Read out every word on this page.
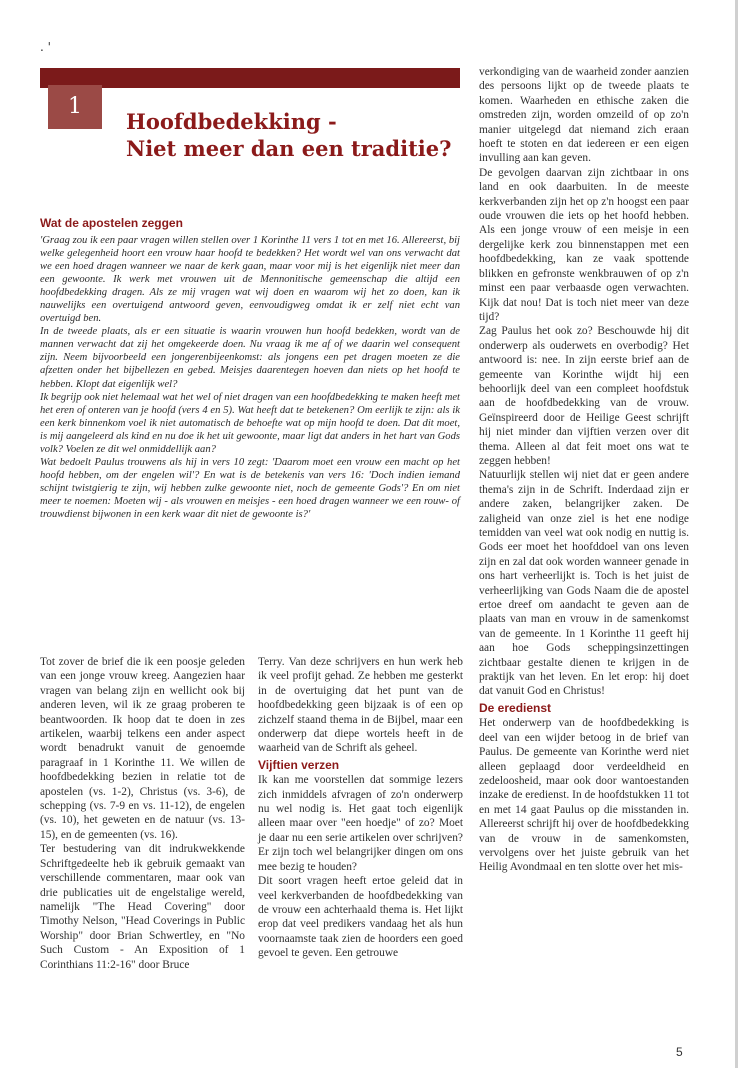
. '
1
Hoofdbedekking -
Niet meer dan een traditie?
Wat de apostelen zeggen

'Graag zou ik een paar vragen willen stellen over 1 Korinthe 11 vers 1 tot en met 16. Allereerst, bij welke gelegenheid hoort een vrouw haar hoofd te bedekken? Het wordt wel van ons verwacht dat we een hoed dragen wanneer we naar de kerk gaan, maar voor mij is het eigenlijk niet meer dan een gewoonte. Ik werk met vrouwen uit de Mennonitische gemeenschap die altijd een hoofdbedekking dragen. Als ze mij vragen wat wij doen en waarom wij het zo doen, kan ik nauwelijks een overtuigend antwoord geven, eenvoudigweg omdat ik er zelf niet echt van overtuigd ben.

In de tweede plaats, als er een situatie is waarin vrouwen hun hoofd bedekken, wordt van de mannen verwacht dat zij het omgekeerde doen. Nu vraag ik me af of we daarin wel consequent zijn. Neem bijvoorbeeld een jongerenbijeenkomst: als jongens een pet dragen moeten ze die afzetten onder het bijbellezen en gebed. Meisjes daarentegen hoeven dan niets op het hoofd te hebben. Klopt dat eigenlijk wel?

Ik begrijp ook niet helemaal wat het wel of niet dragen van een hoofdbedekking te maken heeft met het eren of onteren van je hoofd (vers 4 en 5). Wat heeft dat te betekenen? Om eerlijk te zijn: als ik een kerk binnenkom voel ik niet automatisch de behoefte wat op mijn hoofd te doen. Dat dit moet, is mij aangeleerd als kind en nu doe ik het uit gewoonte, maar ligt dat anders in het hart van Gods volk? Voelen ze dit wel onmiddellijk aan?

Wat bedoelt Paulus trouwens als hij in vers 10 zegt: 'Daarom moet een vrouw een macht op het hoofd hebben, om der engelen wil'? En wat is de betekenis van vers 16: 'Doch indien iemand schijnt twistgierig te zijn, wij hebben zulke gewoonte niet, noch de gemeente Gods'? En om niet meer te noemen: Moeten wij - als vrouwen en meisjes - een hoed dragen wanneer we een rouw- of trouwdienst bijwonen in een kerk waar dit niet de gewoonte is?'

Tot zover de brief die ik een poosje geleden van een jonge vrouw kreeg. Aangezien haar vragen van belang zijn en wellicht ook bij anderen leven, wil ik ze graag proberen te beantwoorden. Ik hoop dat te doen in zes artikelen, waarbij telkens een ander aspect wordt benadrukt vanuit de genoemde paragraaf in 1 Korinthe 11. We willen de hoofdbedekking bezien in relatie tot de apostelen (vs. 1-2), Christus (vs. 3-6), de schepping (vs. 7-9 en vs. 11-12), de engelen (vs. 10), het geweten en de natuur (vs. 13-15), en de gemeenten (vs. 16).

Ter bestudering van dit indrukwekkende Schriftgedeelte heb ik gebruik gemaakt van verschillende commentaren, maar ook van drie publicaties uit de engelstalige wereld, namelijk "The Head Covering" door Timothy Nelson, "Head Coverings in Public Worship" door Brian Schwertley, en "No Such Custom - An Exposition of 1 Corinthians 11:2-16" door Bruce

Terry. Van deze schrijvers en hun werk heb ik veel profijt gehad. Ze hebben me gesterkt in de overtuiging dat het punt van de hoofdbedekking geen bijzaak is of een op zichzelf staand thema in de Bijbel, maar een onderwerp dat diepe wortels heeft in de waarheid van de Schrift als geheel.

Vijftien verzen

Ik kan me voorstellen dat sommige lezers zich inmiddels afvragen of zo'n onderwerp nu wel nodig is. Het gaat toch eigenlijk alleen maar over "een hoedje" of zo? Moet je daar nu een serie artikelen over schrijven? Er zijn toch wel belangrijker dingen om ons mee bezig te houden?

Dit soort vragen heeft ertoe geleid dat in veel kerkverbanden de hoofdbedekking van de vrouw een achterhaald thema is. Het lijkt erop dat veel predikers vandaag het als hun voornaamste taak zien de hoorders een goed gevoel te geven. Een getrouwe

verkondiging van de waarheid zonder aanzien des persoons lijkt op de tweede plaats te komen. Waarheden en ethische zaken die omstreden zijn, worden omzeild of op zo'n manier uitgelegd dat niemand zich eraan hoeft te stoten en dat iedereen er een eigen invulling aan kan geven.

De gevolgen daarvan zijn zichtbaar in ons land en ook daarbuiten. In de meeste kerkverbanden zijn het op z'n hoogst een paar oude vrouwen die iets op het hoofd hebben. Als een jonge vrouw of een meisje in een dergelijke kerk zou binnenstappen met een hoofdbedekking, kan ze vaak spottende blikken en gefronste wenkbrauwen of op z'n minst een paar verbaasde ogen verwachten. Kijk dat nou! Dat is toch niet meer van deze tijd?

Zag Paulus het ook zo? Beschouwde hij dit onderwerp als ouderwets en overbodig? Het antwoord is: nee. In zijn eerste brief aan de gemeente van Korinthe wijdt hij een behoorlijk deel van een compleet hoofdstuk aan de hoofdbedekking van de vrouw. Geïnspireerd door de Heilige Geest schrijft hij niet minder dan vijftien verzen over dit thema. Alleen al dat feit moet ons wat te zeggen hebben!

Natuurlijk stellen wij niet dat er geen andere thema's zijn in de Schrift. Inderdaad zijn er andere zaken, belangrijker zaken. De zaligheid van onze ziel is het ene nodige temidden van veel wat ook nodig en nuttig is. Gods eer moet het hoofddoel van ons leven zijn en zal dat ook worden wanneer genade in ons hart verheerlijkt is. Toch is het juist de verheerlijking van Gods Naam die de apostel ertoe dreef om aandacht te geven aan de plaats van man en vrouw in de samenkomst van de gemeente. In 1 Korinthe 11 geeft hij aan hoe Gods scheppingsinzettingen zichtbaar gestalte dienen te krijgen in de praktijk van het leven. En let erop: hij doet dat vanuit God en Christus!

De eredienst

Het onderwerp van de hoofdbedekking is deel van een wijder betoog in de brief van Paulus. De gemeente van Korinthe werd niet alleen geplaagd door verdeeldheid en zedeloosheid, maar ook door wantoestanden inzake de eredienst. In de hoofdstukken 11 tot en met 14 gaat Paulus op die misstanden in. Allereerst schrijft hij over de hoofdbedekking van de vrouw in de samenkomsten, vervolgens over het juiste gebruik van het Heilig Avondmaal en ten slotte over het mis-

5
